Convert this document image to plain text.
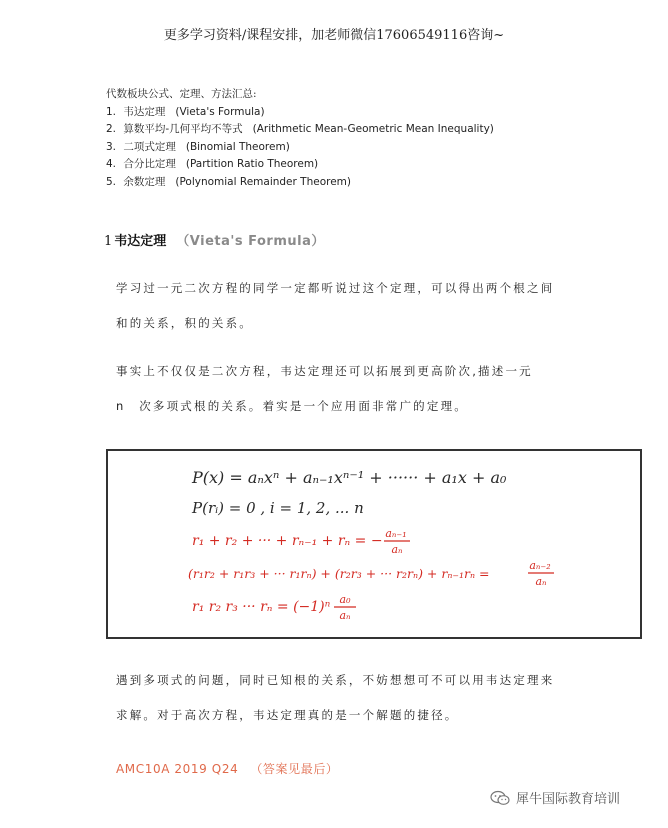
更多学习资料/课程安排，加老师微信17606549116咨询~
代数板块公式、定理、方法汇总:
1. 韦达定理 (Vieta's Formula)
2. 算数平均-几何平均不等式 (Arithmetic Mean-Geometric Mean Inequality)
3. 二项式定理 (Binomial Theorem)
4. 合分比定理 (Partition Ratio Theorem)
5. 余数定理 (Polynomial Remainder Theorem)
1 韦达定理 （Vieta's Formula）

学习过一元二次方程的同学一定都听说过这个定理，可以得出两个根之间和的关系，积的关系。

事实上不仅仅是二次方程，韦达定理还可以拓展到更高阶次,描述一元　n　次多项式根的关系。着实是一个应用面非常广的定理。

P(x) = aₙxⁿ + aₙ₋₁xⁿ⁻¹ + ······ + a₁x + a₀
P(rᵢ) = 0 , i = 1, 2, ... n
r₁ + r₂ + ··· + rₙ₋₁ + rₙ = − aₙ₋₁
aₙ
(r₁r₂ + r₁r₃ + ··· r₁rₙ) + (r₂r₃ + ··· r₂rₙ) + rₙ₋₁rₙ =
aₙ₋₂
aₙ
r₁ r₂ r₃ ··· rₙ = (−1)ⁿ a₀
aₙ

遇到多项式的问题，同时已知根的关系，不妨想想可不可以用韦达定理来求解。对于高次方程，韦达定理真的是一个解题的捷径。

AMC10A 2019 Q24 （答案见最后）
犀牛国际教育培训
